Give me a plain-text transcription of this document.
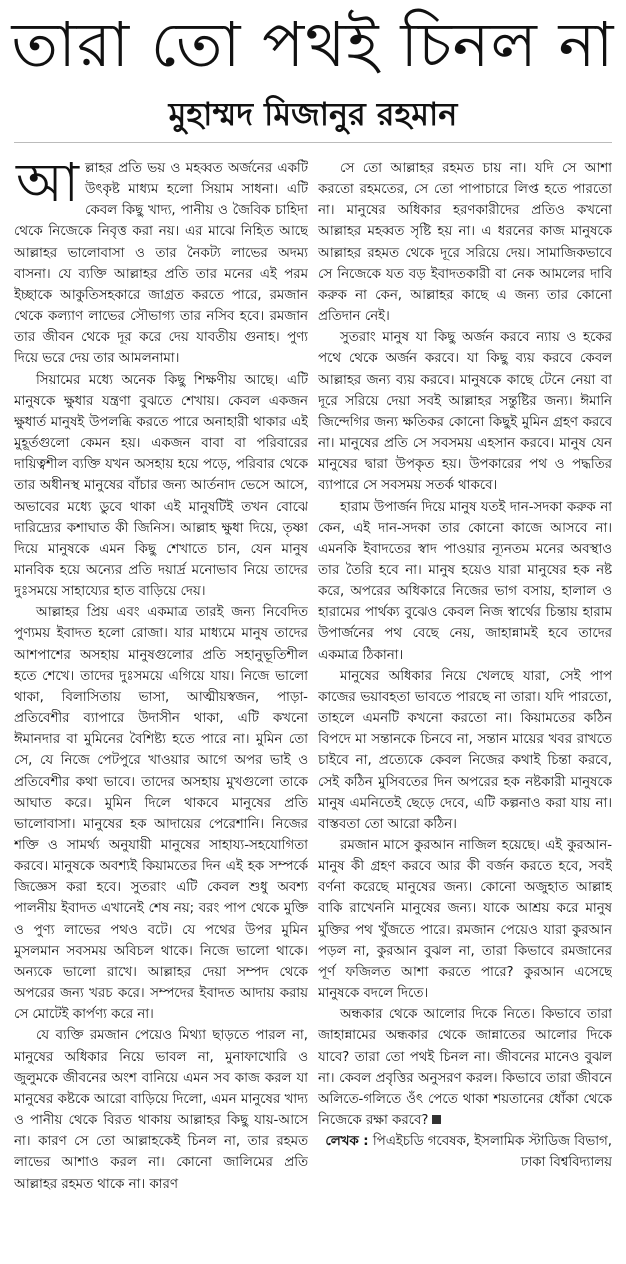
তারা তো পথই চিনল না
মুহাম্মদ মিজানুর রহমান

আল্লাহর প্রতি ভয় ও মহব্বত অর্জনের একটি উৎকৃষ্ট মাধ্যম হলো সিয়াম সাধনা। এটি কেবল কিছু খাদ্য, পানীয় ও জৈবিক চাহিদা থেকে নিজেকে নিবৃত্ত করা নয়। এর মাঝে নিহিত আছে আল্লাহর ভালোবাসা ও তার নৈকট্য লাভের অদম্য বাসনা। যে ব্যক্তি আল্লাহর প্রতি তার মনের এই পরম ইচ্ছাকে আকুতিসহকারে জাগ্রত করতে পারে, রমজান থেকে কল্যাণ লাভের সৌভাগ্য তার নসিব হবে। রমজান তার জীবন থেকে দূর করে দেয় যাবতীয় গুনাহ। পুণ্য দিয়ে ভরে দেয় তার আমলনামা।

সিয়ামের মধ্যে অনেক কিছু শিক্ষণীয় আছে। এটি মানুষকে ক্ষুধার যন্ত্রণা বুঝতে শেখায়। কেবল একজন ক্ষুধার্ত মানুষই উপলব্ধি করতে পারে অনাহারী থাকার এই মুহূর্তগুলো কেমন হয়। একজন বাবা বা পরিবারের দায়িত্বশীল ব্যক্তি যখন অসহায় হয়ে পড়ে, পরিবার থেকে তার অধীনস্থ মানুষের বাঁচার জন্য আর্তনাদ ভেসে আসে, অভাবের মধ্যে ডুবে থাকা এই মানুষটিই তখন বোঝে দারিদ্র্যের কশাঘাত কী জিনিস। আল্লাহ ক্ষুধা দিয়ে, তৃষ্ণা দিয়ে মানুষকে এমন কিছু শেখাতে চান, যেন মানুষ মানবিক হয়ে অন্যের প্রতি দয়ার্দ্র মনোভাব নিয়ে তাদের দুঃসময়ে সাহায্যের হাত বাড়িয়ে দেয়।

আল্লাহর প্রিয় এবং একমাত্র তারই জন্য নিবেদিত পুণ্যময় ইবাদত হলো রোজা। যার মাধ্যমে মানুষ তাদের আশপাশের অসহায় মানুষগুলোর প্রতি সহানুভূতিশীল হতে শেখে। তাদের দুঃসময়ে এগিয়ে যায়। নিজে ভালো থাকা, বিলাসিতায় ভাসা, আত্মীয়স্বজন, পাড়া-প্রতিবেশীর ব্যাপারে উদাসীন থাকা, এটি কখনো ঈমানদার বা মুমিনের বৈশিষ্ট্য হতে পারে না। মুমিন তো সে, যে নিজে পেটপুরে খাওয়ার আগে অপর ভাই ও প্রতিবেশীর কথা ভাবে। তাদের অসহায় মুখগুলো তাকে আঘাত করে। মুমিন দিলে থাকবে মানুষের প্রতি ভালোবাসা। মানুষের হক আদায়ের পেরেশানি। নিজের শক্তি ও সামর্থ্য অনুযায়ী মানুষের সাহায্য-সহযোগিতা করবে। মানুষকে অবশ্যই কিয়ামতের দিন এই হক সম্পর্কে জিজ্ঞেস করা হবে। সুতরাং এটি কেবল শুধু অবশ্য পালনীয় ইবাদত এখানেই শেষ নয়; বরং পাপ থেকে মুক্তি ও পুণ্য লাভের পথও বটে। যে পথের উপর মুমিন মুসলমান সবসময় অবিচল থাকে। নিজে ভালো থাকে। অন্যকে ভালো রাখে। আল্লাহর দেয়া সম্পদ থেকে অপরের জন্য খরচ করে। সম্পদের ইবাদত আদায় করায় সে মোটেই কার্পণ্য করে না।

যে ব্যক্তি রমজান পেয়েও মিথ্যা ছাড়তে পারল না, মানুষের অধিকার নিয়ে ভাবল না, মুনাফাখোরি ও জুলুমকে জীবনের অংশ বানিয়ে এমন সব কাজ করল যা মানুষের কষ্টকে আরো বাড়িয়ে দিলো, এমন মানুষের খাদ্য ও পানীয় থেকে বিরত থাকায় আল্লাহর কিছু যায়-আসে না। কারণ সে তো আল্লাহকেই চিনল না, তার রহমত লাভের আশাও করল না। কোনো জালিমের প্রতি আল্লাহর রহমত থাকে না। কারণ

সে তো আল্লাহর রহমত চায় না। যদি সে আশা করতো রহমতের, সে তো পাপাচারে লিপ্ত হতে পারতো না। মানুষের অধিকার হরণকারীদের প্রতিও কখনো আল্লাহর মহব্বত সৃষ্টি হয় না। এ ধরনের কাজ মানুষকে আল্লাহর রহমত থেকে দূরে সরিয়ে দেয়। সামাজিকভাবে সে নিজেকে যত বড় ইবাদতকারী বা নেক আমলের দাবি করুক না কেন, আল্লাহর কাছে এ জন্য তার কোনো প্রতিদান নেই।

সুতরাং মানুষ যা কিছু অর্জন করবে ন্যায় ও হকের পথে থেকে অর্জন করবে। যা কিছু ব্যয় করবে কেবল আল্লাহর জন্য ব্যয় করবে। মানুষকে কাছে টেনে নেয়া বা দূরে সরিয়ে দেয়া সবই আল্লাহর সন্তুষ্টির জন্য। ঈমানি জিন্দেগির জন্য ক্ষতিকর কোনো কিছুই মুমিন গ্রহণ করবে না। মানুষের প্রতি সে সবসময় এহসান করবে। মানুষ যেন মানুষের দ্বারা উপকৃত হয়। উপকারের পথ ও পদ্ধতির ব্যাপারে সে সবসময় সতর্ক থাকবে।

হারাম উপার্জন দিয়ে মানুষ যতই দান-সদকা করুক না কেন, এই দান-সদকা তার কোনো কাজে আসবে না। এমনকি ইবাদতের স্বাদ পাওয়ার ন্যূনতম মনের অবস্থাও তার তৈরি হবে না। মানুষ হয়েও যারা মানুষের হক নষ্ট করে, অপরের অধিকারে নিজের ভাগ বসায়, হালাল ও হারামের পার্থক্য বুঝেও কেবল নিজ স্বার্থের চিন্তায় হারাম উপার্জনের পথ বেছে নেয়, জাহান্নামই হবে তাদের একমাত্র ঠিকানা।

মানুষের অধিকার নিয়ে খেলছে যারা, সেই পাপ কাজের ভয়াবহতা ভাবতে পারছে না তারা। যদি পারতো, তাহলে এমনটি কখনো করতো না। কিয়ামতের কঠিন বিপদে মা সন্তানকে চিনবে না, সন্তান মায়ের খবর রাখতে চাইবে না, প্রত্যেকে কেবল নিজের কথাই চিন্তা করবে, সেই কঠিন মুসিবতের দিন অপরের হক নষ্টকারী মানুষকে মানুষ এমনিতেই ছেড়ে দেবে, এটি কল্পনাও করা যায় না। বাস্তবতা তো আরো কঠিন।

রমজান মাসে কুরআন নাজিল হয়েছে। এই কুরআন-মানুষ কী গ্রহণ করবে আর কী বর্জন করতে হবে, সবই বর্ণনা করেছে মানুষের জন্য। কোনো অজুহাত আল্লাহ বাকি রাখেননি মানুষের জন্য। যাকে আশ্রয় করে মানুষ মুক্তির পথ খুঁজতে পারে। রমজান পেয়েও যারা কুরআন পড়ল না, কুরআন বুঝল না, তারা কিভাবে রমজানের পূর্ণ ফজিলত আশা করতে পারে? কুরআন এসেছে মানুষকে বদলে দিতে।

অন্ধকার থেকে আলোর দিকে নিতে। কিভাবে তারা জাহান্নামের অন্ধকার থেকে জান্নাতের আলোর দিকে যাবে? তারা তো পথই চিনল না। জীবনের মানেও বুঝল না। কেবল প্রবৃত্তির অনুসরণ করল। কিভাবে তারা জীবনে অলিতে-গলিতে ওঁৎ পেতে থাকা শয়তানের ধোঁকা থেকে নিজেকে রক্ষা করবে?

লেখক : পিএইচডি গবেষক, ইসলামিক স্টাডিজ বিভাগ, ঢাকা বিশ্ববিদ্যালয়
